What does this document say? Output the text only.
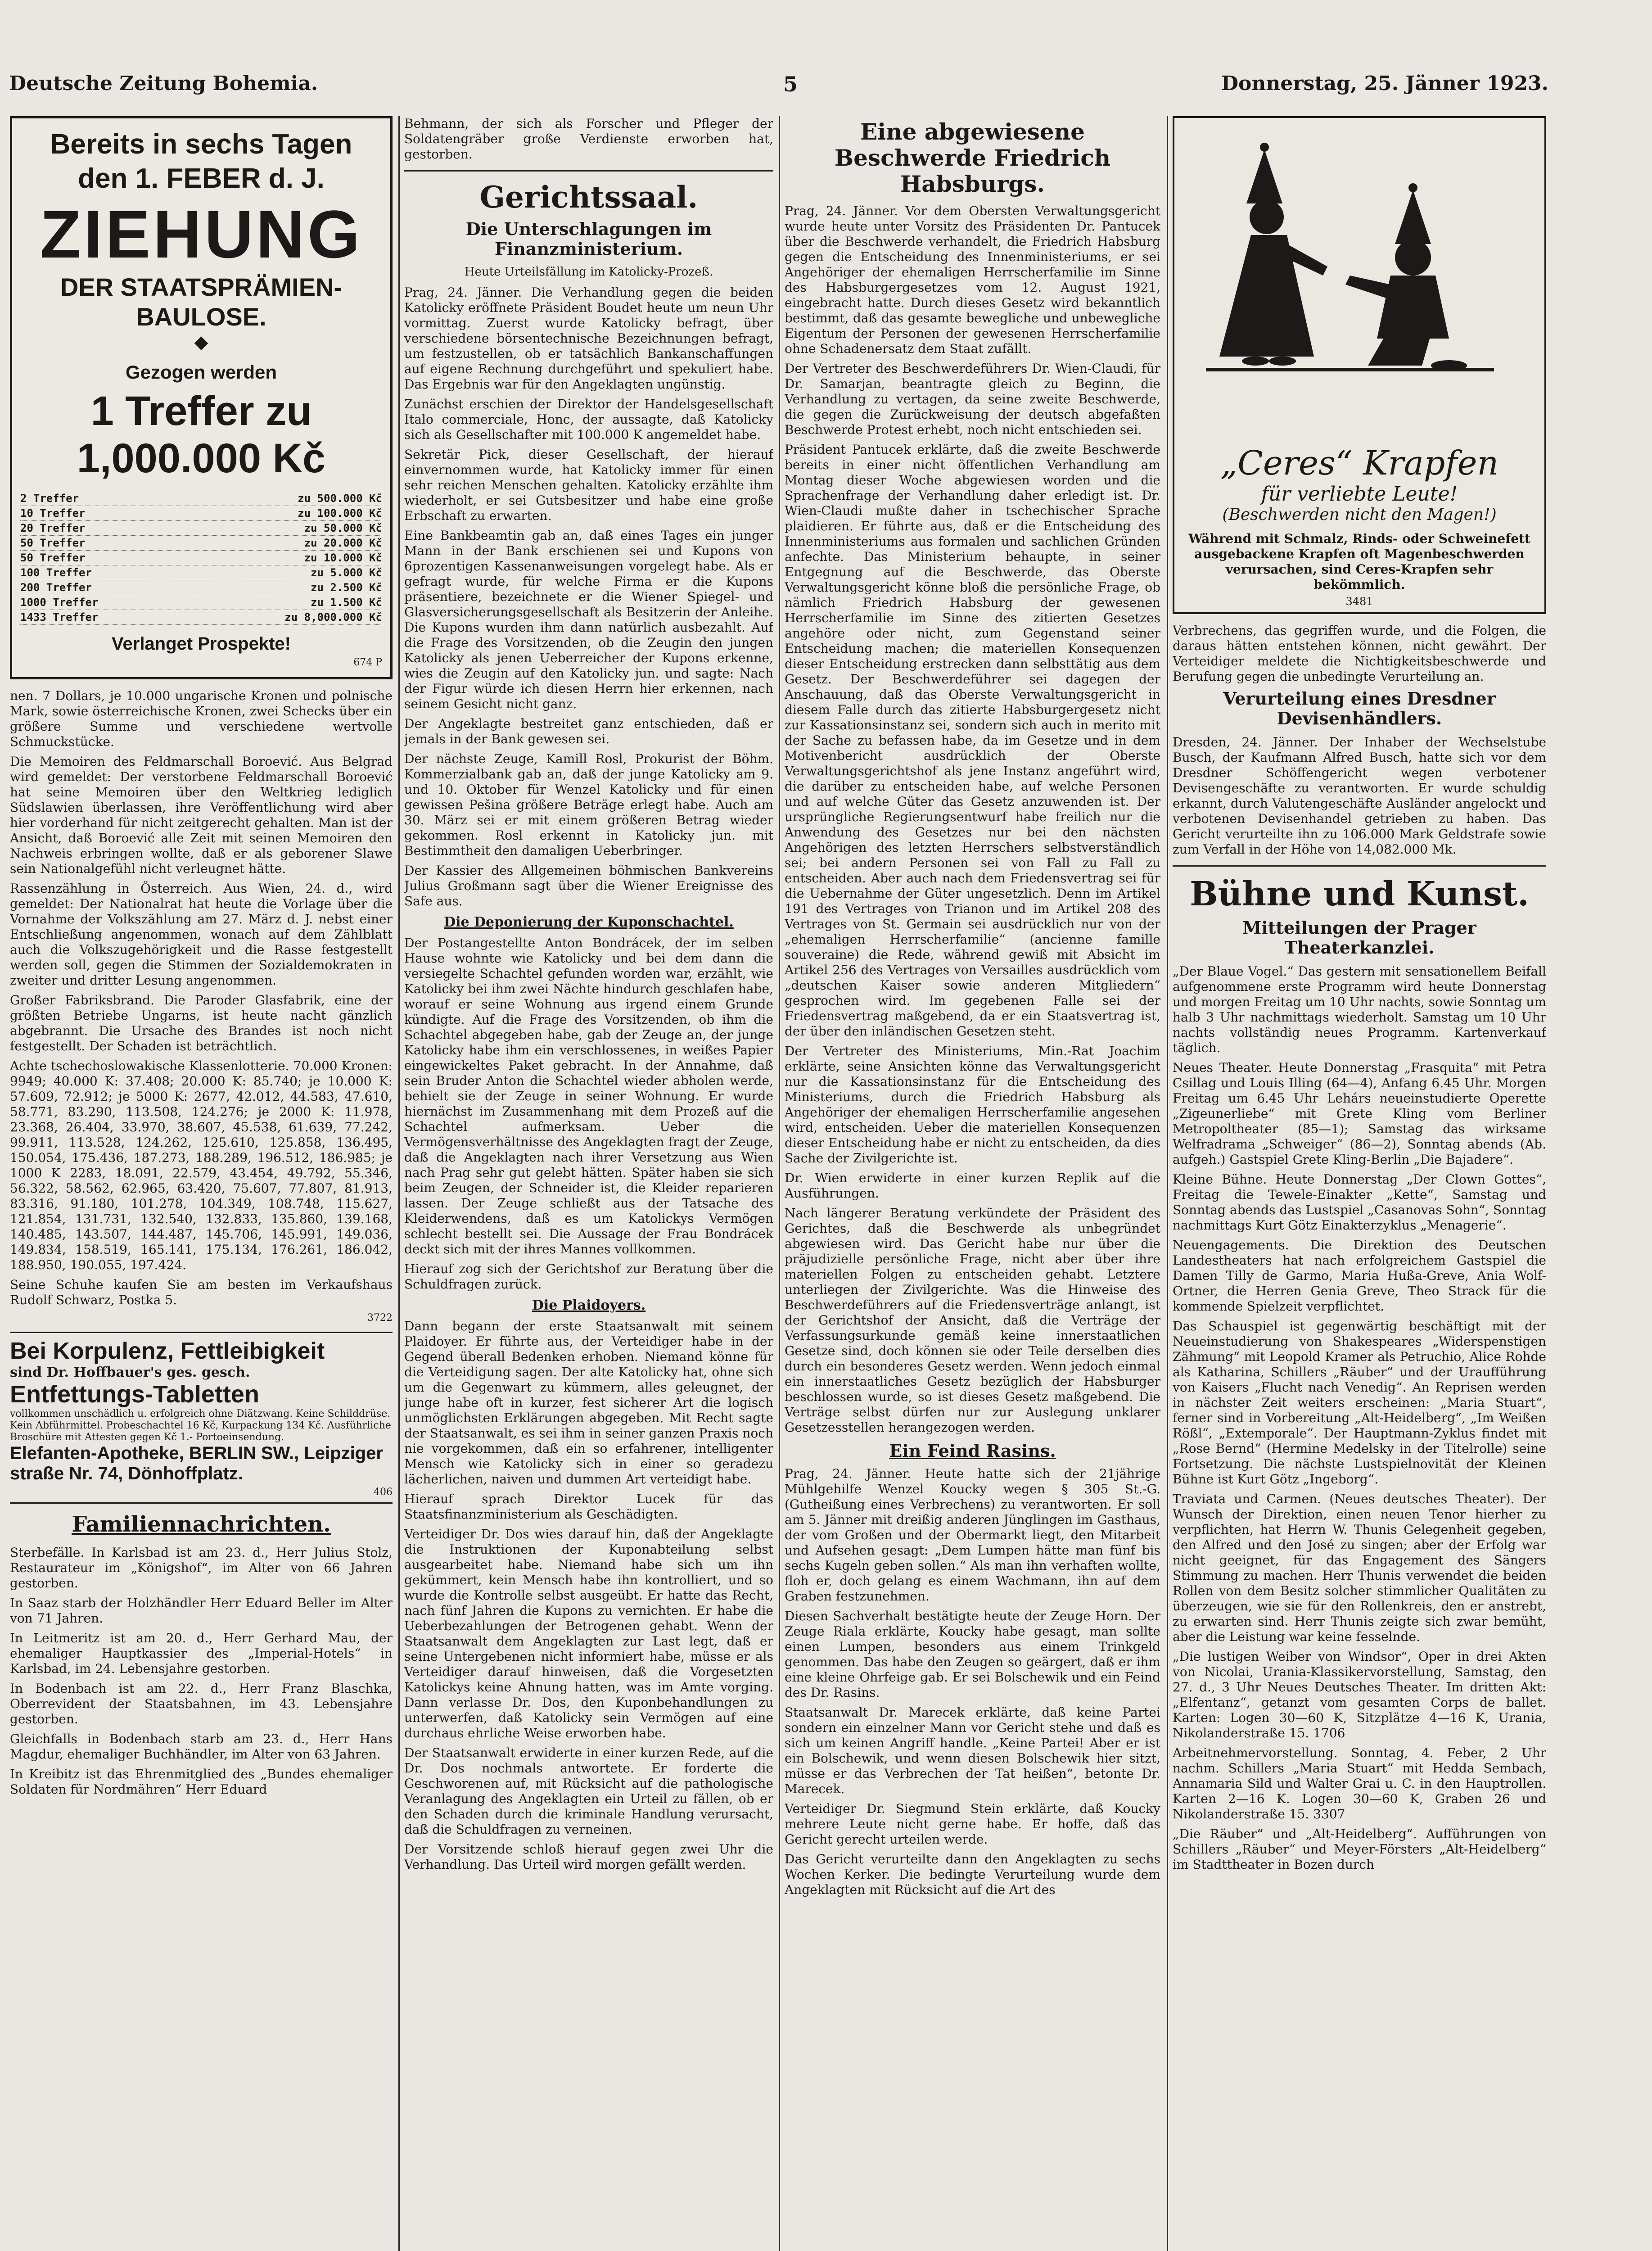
Deutsche Zeitung Bohemia.	5	Donnerstag, 25. Jänner 1923.
Bereits in sechs Tagen
den 1. FEBER d. J.
ZIEHUNG
DER STAATSPRÄMIEN-
BAULOSE.
◆
Gezogen werden
1 Treffer zu 1,000.000 Kč
2 Treffer	zu 500.000 Kč
10 Treffer	zu 100.000 Kč
20 Treffer	zu 50.000 Kč
50 Treffer	zu 20.000 Kč
50 Treffer	zu 10.000 Kč
100 Treffer	zu 5.000 Kč
200 Treffer	zu 2.500 Kč
1000 Treffer	zu 1.500 Kč
1433 Treffer	zu 8,000.000 Kč
Verlanget Prospekte!
674 P

nen. 7 Dollars, je 10.000 ungarische Kronen und polnische Mark, sowie österreichische Kronen, zwei Schecks über ein größere Summe und verschiedene wertvolle Schmuckstücke.

Die Memoiren des Feldmarschall Boroević. Aus Belgrad wird gemeldet: Der verstorbene Feldmarschall Boroević hat seine Memoiren über den Weltkrieg lediglich Südslawien überlassen, ihre Veröffentlichung wird aber hier vorderhand für nicht zeitgerecht gehalten. Man ist der Ansicht, daß Boroević alle Zeit mit seinen Memoiren den Nachweis erbringen wollte, daß er als geborener Slawe sein Nationalgefühl nicht verleugnet hätte.

Rassenzählung in Österreich. Aus Wien, 24. d., wird gemeldet: Der Nationalrat hat heute die Vorlage über die Vornahme der Volkszählung am 27. März d. J. nebst einer Entschließung angenommen, wonach auf dem Zählblatt auch die Volkszugehörigkeit und die Rasse festgestellt werden soll, gegen die Stimmen der Sozialdemokraten in zweiter und dritter Lesung angenommen.

Großer Fabriksbrand. Die Paroder Glasfabrik, eine der größten Betriebe Ungarns, ist heute nacht gänzlich abgebrannt. Die Ursache des Brandes ist noch nicht festgestellt. Der Schaden ist beträchtlich.

Achte tschechoslowakische Klassenlotterie. 70.000 Kronen: 9949; 40.000 K: 37.408; 20.000 K: 85.740; je 10.000 K: 57.609, 72.912; je 5000 K: 2677, 42.012, 44.583, 47.610, 58.771, 83.290, 113.508, 124.276; je 2000 K: 11.978, 23.368, 26.404, 33.970, 38.607, 45.538, 61.639, 77.242, 99.911, 113.528, 124.262, 125.610, 125.858, 136.495, 150.054, 175.436, 187.273, 188.289, 196.512, 186.985; je 1000 K 2283, 18.091, 22.579, 43.454, 49.792, 55.346, 56.322, 58.562, 62.965, 63.420, 75.607, 77.807, 81.913, 83.316, 91.180, 101.278, 104.349, 108.748, 115.627, 121.854, 131.731, 132.540, 132.833, 135.860, 139.168, 140.485, 143.507, 144.487, 145.706, 145.991, 149.036, 149.834, 158.519, 165.141, 175.134, 176.261, 186.042, 188.950, 190.055, 197.424.

Seine Schuhe kaufen Sie am besten im Verkaufshaus Rudolf Schwarz, Postka 5.

3722
Bei Korpulenz, Fettleibigkeit
sind Dr. Hoffbauer's ges. gesch.
Entfettungs-Tabletten
vollkommen unschädlich u. erfolgreich ohne Diätzwang. Keine Schilddrüse. Kein Abführmittel. Probeschachtel 16 Kč, Kurpackung 134 Kč. Ausführliche Broschüre mit Attesten gegen Kč 1.- Portoeinsendung.
Elefanten-Apotheke, BERLIN SW., Leipziger straße Nr. 74, Dönhoffplatz.
406
Familiennachrichten.

Sterbefälle. In Karlsbad ist am 23. d., Herr Julius Stolz, Restaurateur im „Königshof“, im Alter von 66 Jahren gestorben.

In Saaz starb der Holzhändler Herr Eduard Beller im Alter von 71 Jahren.

In Leitmeritz ist am 20. d., Herr Gerhard Mau, der ehemaliger Hauptkassier des „Imperial-Hotels“ in Karlsbad, im 24. Lebensjahre gestorben.

In Bodenbach ist am 22. d., Herr Franz Blaschka, Oberrevident der Staatsbahnen, im 43. Lebensjahre gestorben.

Gleichfalls in Bodenbach starb am 23. d., Herr Hans Magdur, ehemaliger Buchhändler, im Alter von 63 Jahren.

In Kreibitz ist das Ehrenmitglied des „Bundes ehemaliger Soldaten für Nordmähren“ Herr Eduard

Behmann, der sich als Forscher und Pfleger der Soldatengräber große Verdienste erworben hat, gestorben.

Gerichtssaal.
Die Unterschlagungen im Finanzministerium.
Heute Urteilsfällung im Katolicky-Prozeß.

Prag, 24. Jänner. Die Verhandlung gegen die beiden Katolicky eröffnete Präsident Boudet heute um neun Uhr vormittag. Zuerst wurde Katolicky befragt, über verschiedene börsentechnische Bezeichnungen befragt, um festzustellen, ob er tatsächlich Bankanschaffungen auf eigene Rechnung durchgeführt und spekuliert habe. Das Ergebnis war für den Angeklagten ungünstig.

Zunächst erschien der Direktor der Handelsgesellschaft Italo commerciale, Honc, der aussagte, daß Katolicky sich als Gesellschafter mit 100.000 K angemeldet habe.

Sekretär Pick, dieser Gesellschaft, der hierauf einvernommen wurde, hat Katolicky immer für einen sehr reichen Menschen gehalten. Katolicky erzählte ihm wiederholt, er sei Gutsbesitzer und habe eine große Erbschaft zu erwarten.

Eine Bankbeamtin gab an, daß eines Tages ein junger Mann in der Bank erschienen sei und Kupons von 6prozentigen Kassenanweisungen vorgelegt habe. Als er gefragt wurde, für welche Firma er die Kupons präsentiere, bezeichnete er die Wiener Spiegel- und Glasversicherungsgesellschaft als Besitzerin der Anleihe. Die Kupons wurden ihm dann natürlich ausbezahlt. Auf die Frage des Vorsitzenden, ob die Zeugin den jungen Katolicky als jenen Ueberreicher der Kupons erkenne, wies die Zeugin auf den Katolicky jun. und sagte: Nach der Figur würde ich diesen Herrn hier erkennen, nach seinem Gesicht nicht ganz.

Der Angeklagte bestreitet ganz entschieden, daß er jemals in der Bank gewesen sei.

Der nächste Zeuge, Kamill Rosl, Prokurist der Böhm. Kommerzialbank gab an, daß der junge Katolicky am 9. und 10. Oktober für Wenzel Katolicky und für einen gewissen Pešina größere Beträge erlegt habe. Auch am 30. März sei er mit einem größeren Betrag wieder gekommen. Rosl erkennt in Katolicky jun. mit Bestimmtheit den damaligen Ueberbringer.

Der Kassier des Allgemeinen böhmischen Bankvereins Julius Großmann sagt über die Wiener Ereignisse des Safe aus.

Die Deponierung der Kuponschachtel.

Der Postangestellte Anton Bondrácek, der im selben Hause wohnte wie Katolicky und bei dem dann die versiegelte Schachtel gefunden worden war, erzählt, wie Katolicky bei ihm zwei Nächte hindurch geschlafen habe, worauf er seine Wohnung aus irgend einem Grunde kündigte. Auf die Frage des Vorsitzenden, ob ihm die Schachtel abgegeben habe, gab der Zeuge an, der junge Katolicky habe ihm ein verschlossenes, in weißes Papier eingewickeltes Paket gebracht. In der Annahme, daß sein Bruder Anton die Schachtel wieder abholen werde, behielt sie der Zeuge in seiner Wohnung. Er wurde hiernächst im Zusammenhang mit dem Prozeß auf die Schachtel aufmerksam. Ueber die Vermögensverhältnisse des Angeklagten fragt der Zeuge, daß die Angeklagten nach ihrer Versetzung aus Wien nach Prag sehr gut gelebt hätten. Später haben sie sich beim Zeugen, der Schneider ist, die Kleider reparieren lassen. Der Zeuge schließt aus der Tatsache des Kleiderwendens, daß es um Katolickys Vermögen schlecht bestellt sei. Die Aussage der Frau Bondrácek deckt sich mit der ihres Mannes vollkommen.

Hierauf zog sich der Gerichtshof zur Beratung über die Schuldfragen zurück.

Die Plaidoyers.

Dann begann der erste Staatsanwalt mit seinem Plaidoyer. Er führte aus, der Verteidiger habe in der Gegend überall Bedenken erhoben. Niemand könne für die Verteidigung sagen. Der alte Katolicky hat, ohne sich um die Gegenwart zu kümmern, alles geleugnet, der junge habe oft in kurzer, fest sicherer Art die logisch unmöglichsten Erklärungen abgegeben. Mit Recht sagte der Staatsanwalt, es sei ihm in seiner ganzen Praxis noch nie vorgekommen, daß ein so erfahrener, intelligenter Mensch wie Katolicky sich in einer so geradezu lächerlichen, naiven und dummen Art verteidigt habe.

Hierauf sprach Direktor Lucek für das Staatsfinanzministerium als Geschädigten.

Verteidiger Dr. Dos wies darauf hin, daß der Angeklagte die Instruktionen der Kuponabteilung selbst ausgearbeitet habe. Niemand habe sich um ihn gekümmert, kein Mensch habe ihn kontrolliert, und so wurde die Kontrolle selbst ausgeübt. Er hatte das Recht, nach fünf Jahren die Kupons zu vernichten. Er habe die Ueberbezahlungen der Betrogenen gehabt. Wenn der Staatsanwalt dem Angeklagten zur Last legt, daß er seine Untergebenen nicht informiert habe, müsse er als Verteidiger darauf hinweisen, daß die Vorgesetzten Katolickys keine Ahnung hatten, was im Amte vorging. Dann verlasse Dr. Dos, den Kuponbehandlungen zu unterwerfen, daß Katolicky sein Vermögen auf eine durchaus ehrliche Weise erworben habe.

Der Staatsanwalt erwiderte in einer kurzen Rede, auf die Dr. Dos nochmals antwortete. Er forderte die Geschworenen auf, mit Rücksicht auf die pathologische Veranlagung des Angeklagten ein Urteil zu fällen, ob er den Schaden durch die kriminale Handlung verursacht, daß die Schuldfragen zu verneinen.

Der Vorsitzende schloß hierauf gegen zwei Uhr die Verhandlung. Das Urteil wird morgen gefällt werden.

Eine abgewiesene Beschwerde Friedrich Habsburgs.

Prag, 24. Jänner. Vor dem Obersten Verwaltungsgericht wurde heute unter Vorsitz des Präsidenten Dr. Pantucek über die Beschwerde verhandelt, die Friedrich Habsburg gegen die Entscheidung des Innenministeriums, er sei Angehöriger der ehemaligen Herrscherfamilie im Sinne des Habsburgergesetzes vom 12. August 1921, eingebracht hatte. Durch dieses Gesetz wird bekanntlich bestimmt, daß das gesamte bewegliche und unbewegliche Eigentum der Personen der gewesenen Herrscherfamilie ohne Schadenersatz dem Staat zufällt.

Der Vertreter des Beschwerdeführers Dr. Wien-Claudi, für Dr. Samarjan, beantragte gleich zu Beginn, die Verhandlung zu vertagen, da seine zweite Beschwerde, die gegen die Zurückweisung der deutsch abgefaßten Beschwerde Protest erhebt, noch nicht entschieden sei.

Präsident Pantucek erklärte, daß die zweite Beschwerde bereits in einer nicht öffentlichen Verhandlung am Montag dieser Woche abgewiesen worden und die Sprachenfrage der Verhandlung daher erledigt ist. Dr. Wien-Claudi mußte daher in tschechischer Sprache plaidieren. Er führte aus, daß er die Entscheidung des Innenministeriums aus formalen und sachlichen Gründen anfechte. Das Ministerium behaupte, in seiner Entgegnung auf die Beschwerde, das Oberste Verwaltungsgericht könne bloß die persönliche Frage, ob nämlich Friedrich Habsburg der gewesenen Herrscherfamilie im Sinne des zitierten Gesetzes angehöre oder nicht, zum Gegenstand seiner Entscheidung machen; die materiellen Konsequenzen dieser Entscheidung erstrecken dann selbsttätig aus dem Gesetz. Der Beschwerdeführer sei dagegen der Anschauung, daß das Oberste Verwaltungsgericht in diesem Falle durch das zitierte Habsburgergesetz nicht zur Kassationsinstanz sei, sondern sich auch in merito mit der Sache zu befassen habe, da im Gesetze und in dem Motivenbericht ausdrücklich der Oberste Verwaltungsgerichtshof als jene Instanz angeführt wird, die darüber zu entscheiden habe, auf welche Personen und auf welche Güter das Gesetz anzuwenden ist. Der ursprüngliche Regierungsentwurf habe freilich nur die Anwendung des Gesetzes nur bei den nächsten Angehörigen des letzten Herrschers selbstverständlich sei; bei andern Personen sei von Fall zu Fall zu entscheiden. Aber auch nach dem Friedensvertrag sei für die Uebernahme der Güter ungesetzlich. Denn im Artikel 191 des Vertrages von Trianon und im Artikel 208 des Vertrages von St. Germain sei ausdrücklich nur von der „ehemaligen Herrscherfamilie“ (ancienne famille souveraine) die Rede, während gewiß mit Absicht im Artikel 256 des Vertrages von Versailles ausdrücklich vom „deutschen Kaiser sowie anderen Mitgliedern“ gesprochen wird. Im gegebenen Falle sei der Friedensvertrag maßgebend, da er ein Staatsvertrag ist, der über den inländischen Gesetzen steht.

Der Vertreter des Ministeriums, Min.-Rat Joachim erklärte, seine Ansichten könne das Verwaltungsgericht nur die Kassationsinstanz für die Entscheidung des Ministeriums, durch die Friedrich Habsburg als Angehöriger der ehemaligen Herrscherfamilie angesehen wird, entscheiden. Ueber die materiellen Konsequenzen dieser Entscheidung habe er nicht zu entscheiden, da dies Sache der Zivilgerichte ist.

Dr. Wien erwiderte in einer kurzen Replik auf die Ausführungen.

Nach längerer Beratung verkündete der Präsident des Gerichtes, daß die Beschwerde als unbegründet abgewiesen wird. Das Gericht habe nur über die präjudizielle persönliche Frage, nicht aber über ihre materiellen Folgen zu entscheiden gehabt. Letztere unterliegen der Zivilgerichte. Was die Hinweise des Beschwerdeführers auf die Friedensverträge anlangt, ist der Gerichtshof der Ansicht, daß die Verträge der Verfassungsurkunde gemäß keine innerstaatlichen Gesetze sind, doch können sie oder Teile derselben dies durch ein besonderes Gesetz werden. Wenn jedoch einmal ein innerstaatliches Gesetz bezüglich der Habsburger beschlossen wurde, so ist dieses Gesetz maßgebend. Die Verträge selbst dürfen nur zur Auslegung unklarer Gesetzesstellen herangezogen werden.

Ein Feind Rasins.

Prag, 24. Jänner. Heute hatte sich der 21jährige Mühlgehilfe Wenzel Koucky wegen § 305 St.-G. (Gutheißung eines Verbrechens) zu verantworten. Er soll am 5. Jänner mit dreißig anderen Jünglingen im Gasthaus, der vom Großen und der Obermarkt liegt, den Mitarbeit und Aufsehen gesagt: „Dem Lumpen hätte man fünf bis sechs Kugeln geben sollen.“ Als man ihn verhaften wollte, floh er, doch gelang es einem Wachmann, ihn auf dem Graben festzunehmen.

Diesen Sachverhalt bestätigte heute der Zeuge Horn. Der Zeuge Riala erklärte, Koucky habe gesagt, man sollte einen Lumpen, besonders aus einem Trinkgeld genommen. Das habe den Zeugen so geärgert, daß er ihm eine kleine Ohrfeige gab. Er sei Bolschewik und ein Feind des Dr. Rasins.

Staatsanwalt Dr. Marecek erklärte, daß keine Partei sondern ein einzelner Mann vor Gericht stehe und daß es sich um keinen Angriff handle. „Keine Partei! Aber er ist ein Bolschewik, und wenn diesen Bolschewik hier sitzt, müsse er das Verbrechen der Tat heißen“, betonte Dr. Marecek.

Verteidiger Dr. Siegmund Stein erklärte, daß Koucky mehrere Leute nicht gerne habe. Er hoffe, daß das Gericht gerecht urteilen werde.

Das Gericht verurteilte dann den Angeklagten zu sechs Wochen Kerker. Die bedingte Verurteilung wurde dem Angeklagten mit Rücksicht auf die Art des

„Ceres“ Krapfen
für verliebte Leute!
(Beschwerden nicht den Magen!)
Während mit Schmalz, Rinds- oder Schweinefett ausgebackene Krapfen oft Magenbeschwerden verursachen, sind Ceres-Krapfen sehr bekömmlich.
3481

Verbrechens, das gegriffen wurde, und die Folgen, die daraus hätten entstehen können, nicht gewährt. Der Verteidiger meldete die Nichtigkeitsbeschwerde und Berufung gegen die unbedingte Verurteilung an.

Verurteilung eines Dresdner Devisenhändlers.

Dresden, 24. Jänner. Der Inhaber der Wechselstube Busch, der Kaufmann Alfred Busch, hatte sich vor dem Dresdner Schöffengericht wegen verbotener Devisengeschäfte zu verantworten. Er wurde schuldig erkannt, durch Valutengeschäfte Ausländer angelockt und verbotenen Devisenhandel getrieben zu haben. Das Gericht verurteilte ihn zu 106.000 Mark Geldstrafe sowie zum Verfall in der Höhe von 14,082.000 Mk.

Bühne und Kunst.
Mitteilungen der Prager Theaterkanzlei.

„Der Blaue Vogel.“ Das gestern mit sensationellem Beifall aufgenommene erste Programm wird heute Donnerstag und morgen Freitag um 10 Uhr nachts, sowie Sonntag um halb 3 Uhr nachmittags wiederholt. Samstag um 10 Uhr nachts vollständig neues Programm. Kartenverkauf täglich.

Neues Theater. Heute Donnerstag „Frasquita“ mit Petra Csillag und Louis Illing (64—4), Anfang 6.45 Uhr. Morgen Freitag um 6.45 Uhr Lehárs neueinstudierte Operette „Zigeunerliebe“ mit Grete Kling vom Berliner Metropoltheater (85—1); Samstag das wirksame Welfradrama „Schweiger“ (86—2), Sonntag abends (Ab. aufgeh.) Gastspiel Grete Kling-Berlin „Die Bajadere“.

Kleine Bühne. Heute Donnerstag „Der Clown Gottes“, Freitag die Tewele-Einakter „Kette“, Samstag und Sonntag abends das Lustspiel „Casanovas Sohn“, Sonntag nachmittags Kurt Götz Einakterzyklus „Menagerie“.

Neuengagements. Die Direktion des Deutschen Landestheaters hat nach erfolgreichem Gastspiel die Damen Tilly de Garmo, Maria Hußa-Greve, Ania Wolf-Ortner, die Herren Genia Greve, Theo Strack für die kommende Spielzeit verpflichtet.

Das Schauspiel ist gegenwärtig beschäftigt mit der Neueinstudierung von Shakespeares „Widerspenstigen Zähmung“ mit Leopold Kramer als Petruchio, Alice Rohde als Katharina, Schillers „Räuber“ und der Uraufführung von Kaisers „Flucht nach Venedig“. An Reprisen werden in nächster Zeit weiters erscheinen: „Maria Stuart“, ferner sind in Vorbereitung „Alt-Heidelberg“, „Im Weißen Rößl“, „Extemporale“. Der Hauptmann-Zyklus findet mit „Rose Bernd“ (Hermine Medelsky in der Titelrolle) seine Fortsetzung. Die nächste Lustspielnovität der Kleinen Bühne ist Kurt Götz „Ingeborg“.

Traviata und Carmen. (Neues deutsches Theater). Der Wunsch der Direktion, einen neuen Tenor hierher zu verpflichten, hat Herrn W. Thunis Gelegenheit gegeben, den Alfred und den José zu singen; aber der Erfolg war nicht geeignet, für das Engagement des Sängers Stimmung zu machen. Herr Thunis verwendet die beiden Rollen von dem Besitz solcher stimmlicher Qualitäten zu überzeugen, wie sie für den Rollenkreis, den er anstrebt, zu erwarten sind. Herr Thunis zeigte sich zwar bemüht, aber die Leistung war keine fesselnde.

„Die lustigen Weiber von Windsor“, Oper in drei Akten von Nicolai, Urania-Klassikervorstellung, Samstag, den 27. d., 3 Uhr Neues Deutsches Theater. Im dritten Akt: „Elfentanz“, getanzt vom gesamten Corps de ballet. Karten: Logen 30—60 K, Sitzplätze 4—16 K, Urania, Nikolanderstraße 15. 1706

Arbeitnehmervorstellung. Sonntag, 4. Feber, 2 Uhr nachm. Schillers „Maria Stuart“ mit Hedda Sembach, Annamaria Sild und Walter Grai u. C. in den Hauptrollen. Karten 2—16 K. Logen 30—60 K, Graben 26 und Nikolanderstraße 15. 3307

„Die Räuber“ und „Alt-Heidelberg“. Aufführungen von Schillers „Räuber“ und Meyer-Försters „Alt-Heidelberg“ im Stadttheater in Bozen durch
